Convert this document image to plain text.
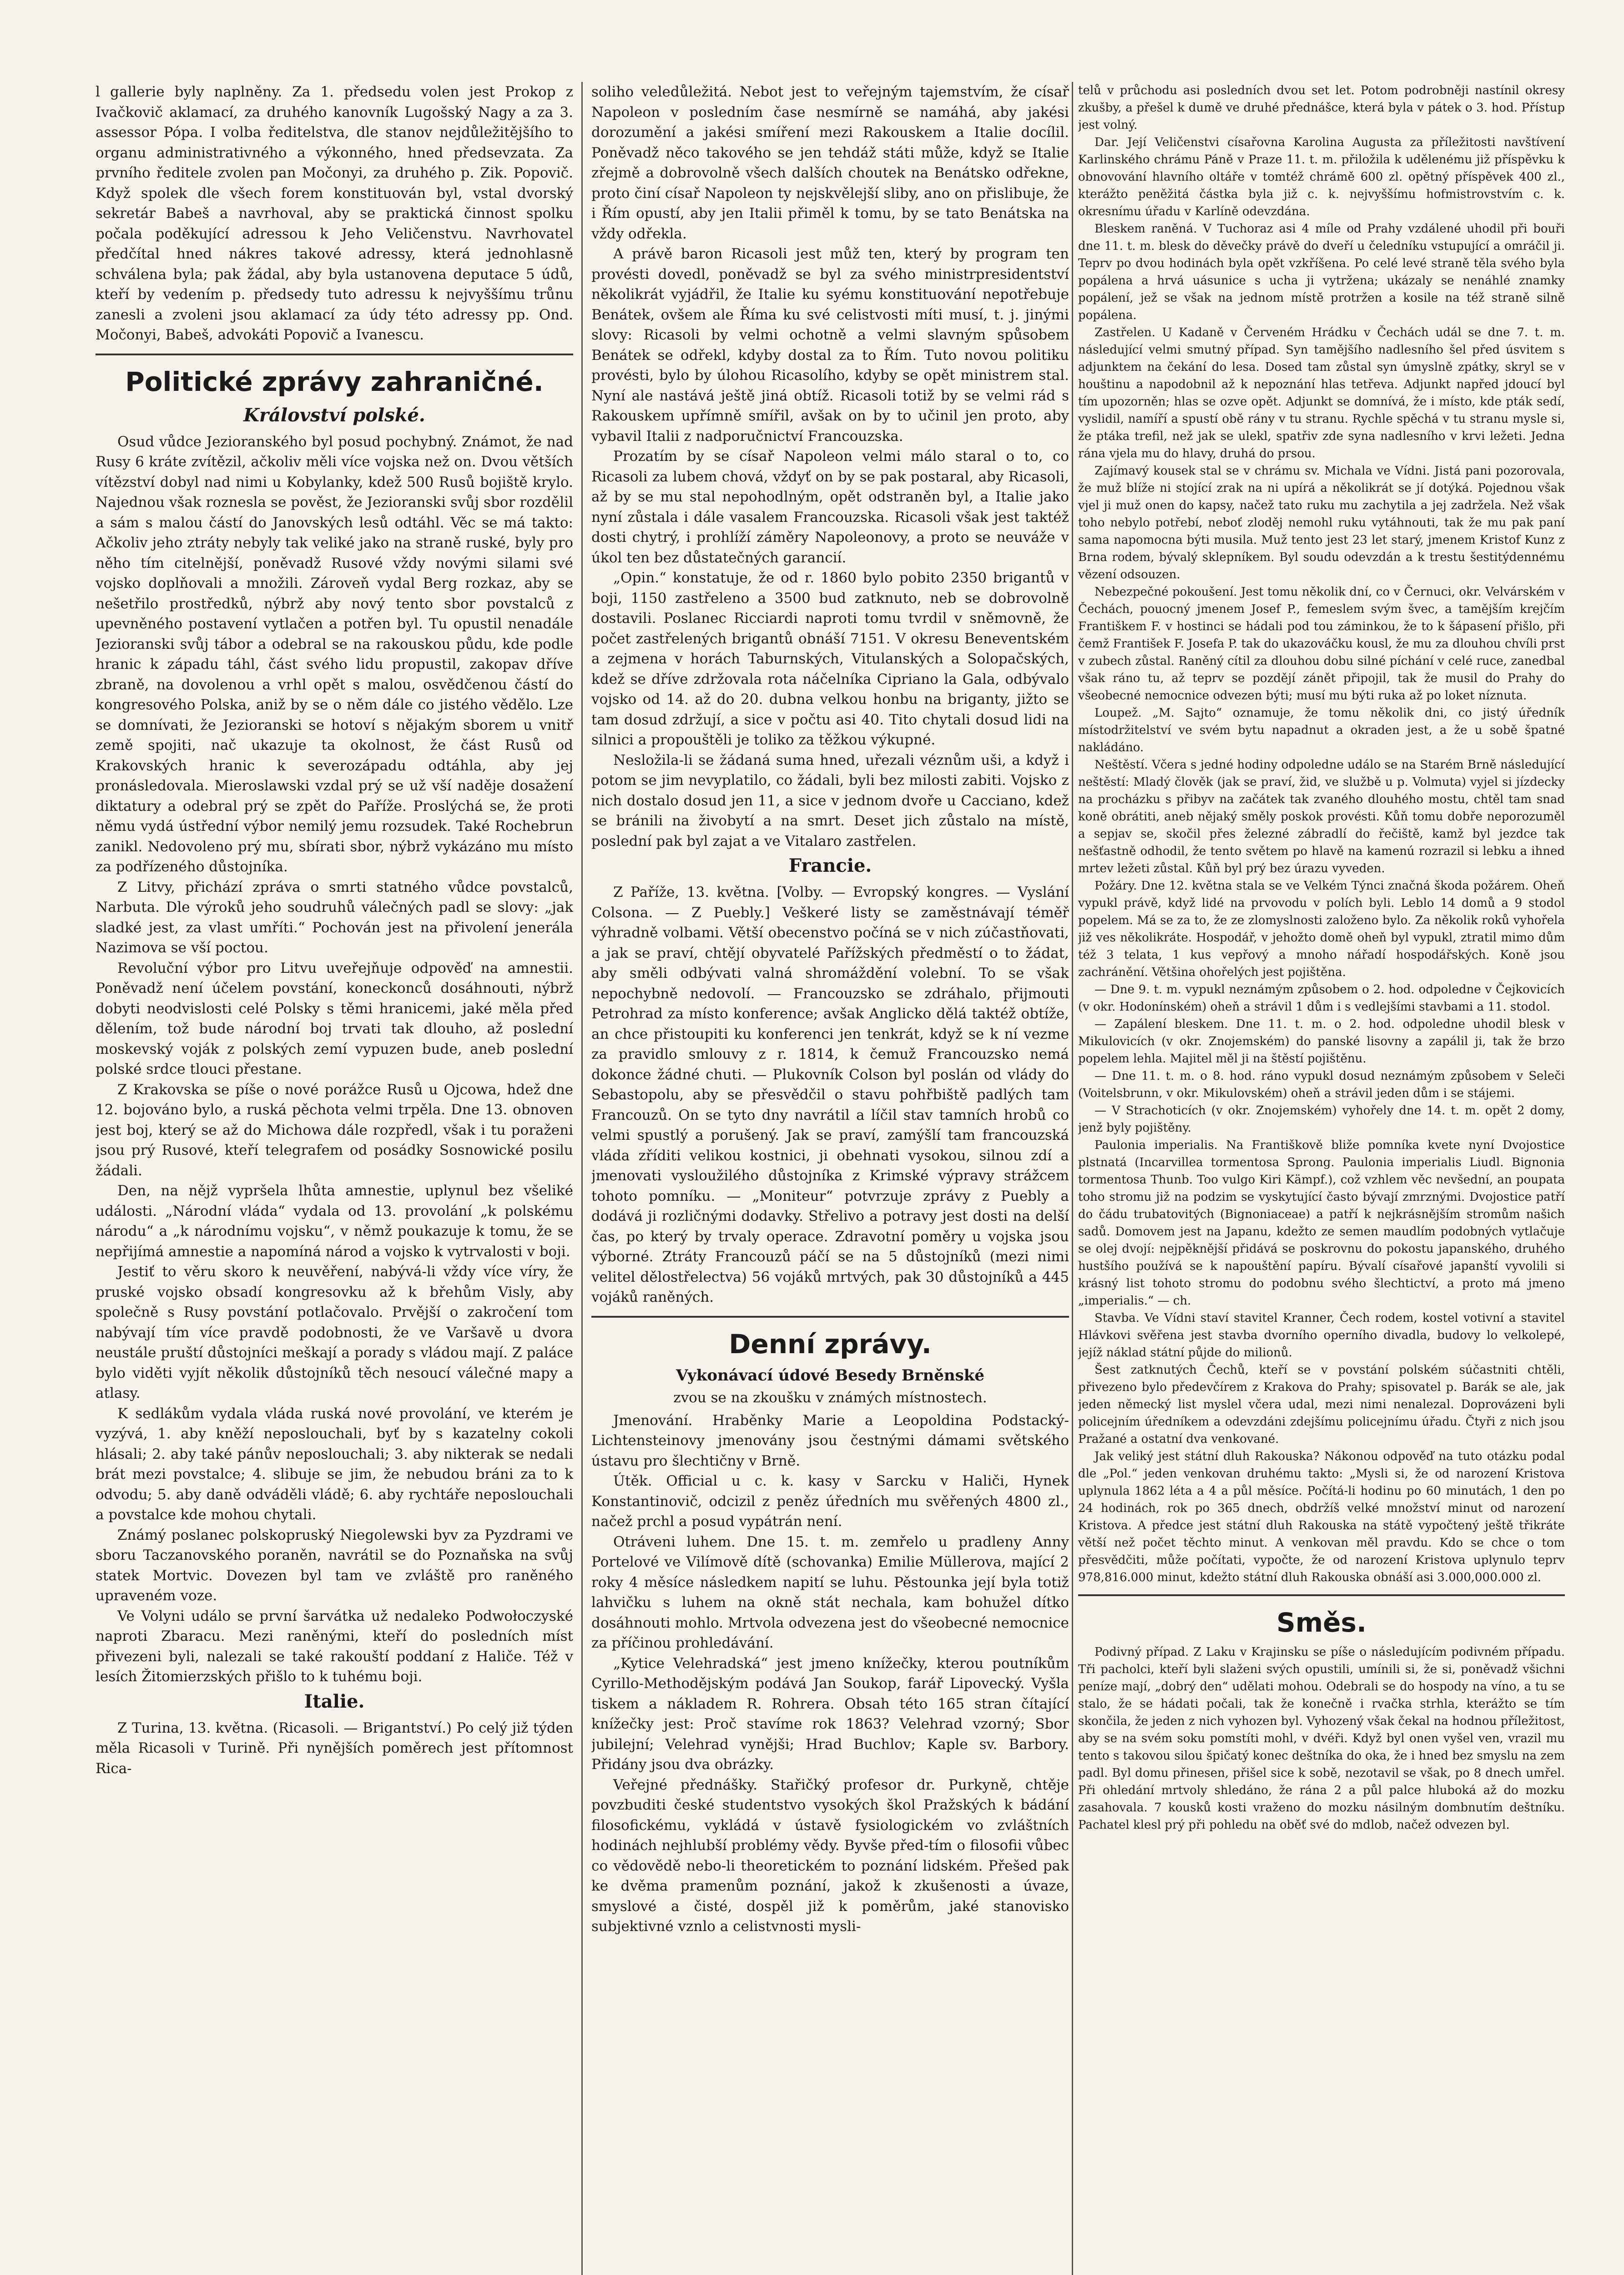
l gallerie byly naplněny. Za 1. předsedu volen jest Prokop z Ivačkovič aklamací, za druhého kanovník Lugošský Nagy a za 3. assessor Pópa. I volba ředitelstva, dle stanov nejdůležitějšího to organu administrativného a výkonného, hned předsevzata. Za prvního ředitele zvolen pan Močonyi, za druhého p. Zik. Popovič. Když spolek dle všech forem konstituován byl, vstal dvorský sekretár Babeš a navrhoval, aby se praktická činnost spolku počala poděkující adressou k Jeho Veličenstvu. Navrhovatel předčítal hned nákres takové adressy, která jednohlasně schválena byla; pak žádal, aby byla ustanovena deputace 5 údů, kteří by vedením p. předsedy tuto adressu k nejvyššímu trůnu zanesli a zvoleni jsou aklamací za údy této adressy pp. Ond. Močonyi, Babeš, advokáti Popovič a Ivanescu.

Politické zprávy zahraničné.
Království polské.

Osud vůdce Jezioranského byl posud pochybný. Známot, že nad Rusy 6 kráte zvítězil, ačkoliv měli více vojska než on. Dvou větších vítězství dobyl nad nimi u Kobylanky, kdež 500 Rusů bojiště krylo. Najednou však roznesla se pověst, že Jezioranski svůj sbor rozdělil a sám s malou částí do Janovských lesů odtáhl. Věc se má takto: Ačkoliv jeho ztráty nebyly tak veliké jako na straně ruské, byly pro něho tím citelnější, poněvadž Rusové vždy novými silami své vojsko doplňovali a množili. Zároveň vydal Berg rozkaz, aby se nešetřilo prostředků, nýbrž aby nový tento sbor povstalců z upevněného postavení vytlačen a potřen byl. Tu opustil nenadále Jezioranski svůj tábor a odebral se na rakouskou půdu, kde podle hranic k západu táhl, část svého lidu propustil, zakopav dříve zbraně, na dovolenou a vrhl opět s malou, osvědčenou částí do kongresového Polska, aniž by se o něm dále co jistého vědělo. Lze se domnívati, že Jezioranski se hotoví s nějakým sborem u vnitř země spojiti, nač ukazuje ta okolnost, že část Rusů od Krakovských hranic k severozápadu odtáhla, aby jej pronásledovala. Mieroslawski vzdal prý se už vší naděje dosažení diktatury a odebral prý se zpět do Paříže. Proslýchá se, že proti němu vydá ústřední výbor nemilý jemu rozsudek. Také Rochebrun zanikl. Nedovoleno prý mu, sbírati sbor, nýbrž vykázáno mu místo za podřízeného důstojníka.

Z Litvy, přichází zpráva o smrti statného vůdce povstalců, Narbuta. Dle výroků jeho soudruhů válečných padl se slovy: „jak sladké jest, za vlast umříti.“ Pochován jest na přivolení jenerála Nazimova se vší poctou.

Revoluční výbor pro Litvu uveřejňuje odpověď na amnestii. Poněvadž není účelem povstání, koneckonců dosáhnouti, nýbrž dobyti neodvislosti celé Polsky s těmi hranicemi, jaké měla před dělením, tož bude národní boj trvati tak dlouho, až poslední moskevský voják z polských zemí vypuzen bude, aneb poslední polské srdce tlouci přestane.

Z Krakovska se píše o nové porážce Rusů u Ojcowa, hdež dne 12. bojováno bylo, a ruská pěchota velmi trpěla. Dne 13. obnoven jest boj, který se až do Michowa dále rozpředl, však i tu poraženi jsou prý Rusové, kteří telegrafem od posádky Sosnowické posilu žádali.

Den, na nějž vypršela lhůta amnestie, uplynul bez všeliké události. „Národní vláda“ vydala od 13. provolání „k polskému národu“ a „k národnímu vojsku“, v němž poukazuje k tomu, že se nepřijímá amnestie a napomíná národ a vojsko k vytrvalosti v boji.

Jestiť to věru skoro k neuvěření, nabývá-li vždy více víry, že pruské vojsko obsadí kongresovku až k břehům Visly, aby společně s Rusy povstání potlačovalo. Prvější o zakročení tom nabývají tím více pravdě podobnosti, že ve Varšavě u dvora neustále pruští důstojníci meškají a porady s vládou mají. Z paláce bylo viděti vyjít několik důstojníků těch nesoucí válečné mapy a atlasy.

K sedlákům vydala vláda ruská nové provolání, ve kterém je vyzývá, 1. aby kněží neposlouchali, byť by s kazatelny cokoli hlásali; 2. aby také pánův neposlouchali; 3. aby nikterak se nedali brát mezi povstalce; 4. slibuje se jim, že nebudou bráni za to k odvodu; 5. aby daně odváděli vládě; 6. aby rychtáře neposlouchali a povstalce kde mohou chytali.

Známý poslanec polskopruský Niegolewski byv za Pyzdrami ve sboru Taczanovského poraněn, navrátil se do Poznaňska na svůj statek Mortvic. Dovezen byl tam ve zvláště pro raněného upraveném voze.

Ve Volyni událo se první šarvátka už nedaleko Podwołoczyské naproti Zbaracu. Mezi raněnými, kteří do posledních míst přivezeni byli, nalezali se také rakouští poddaní z Haliče. Též v lesích Žitomierzských přišlo to k tuhému boji.

Italie.

Z Turina, 13. května. (Ricasoli. — Brigantství.) Po celý již týden měla Ricasoli v Turině. Při nynějších poměrech jest přítomnost Rica-

soliho veledůležitá. Nebot jest to veřejným tajemstvím, že císař Napoleon v posledním čase nesmírně se namáhá, aby jakési dorozumění a jakési smíření mezi Rakouskem a Italie docílil. Poněvadž něco takového se jen tehdáž státi může, když se Italie zřejmě a dobrovolně všech dalších choutek na Benátsko odřekne, proto činí císař Napoleon ty nejskvělejší sliby, ano on přislibuje, že i Řím opustí, aby jen Italii přiměl k tomu, by se tato Benátska na vždy odřekla.

A právě baron Ricasoli jest můž ten, který by program ten provésti dovedl, poněvadž se byl za svého ministrpresidentství několikrát vyjádřil, že Italie ku syému konstituování nepotřebuje Benátek, ovšem ale Říma ku své celistvosti míti musí, t. j. jinými slovy: Ricasoli by velmi ochotně a velmi slavným spůsobem Benátek se odřekl, kdyby dostal za to Řím. Tuto novou politiku provésti, bylo by úlohou Ricasolího, kdyby se opět ministrem stal. Nyní ale nastává ještě jiná obtíž. Ricasoli totiž by se velmi rád s Rakouskem upřímně smířil, avšak on by to učinil jen proto, aby vybavil Italii z nadporučnictví Francouzska.

Prozatím by se císař Napoleon velmi málo staral o to, co Ricasoli za lubem chová, vždyť on by se pak postaral, aby Ricasoli, až by se mu stal nepohodlným, opět odstraněn byl, a Italie jako nyní zůstala i dále vasalem Francouzska. Ricasoli však jest taktéž dosti chytrý, i prohlíží záměry Napoleonovy, a proto se neuváže v úkol ten bez důstatečných garancií.

„Opin.“ konstatuje, že od r. 1860 bylo pobito 2350 brigantů v boji, 1150 zastřeleno a 3500 bud zatknuto, neb se dobrovolně dostavili. Poslanec Ricciardi naproti tomu tvrdil v sněmovně, že počet zastřelených brigantů obnáší 7151. V okresu Beneventském a zejmena v horách Taburnských, Vitulanských a Solopačských, kdež se dříve zdržovala rota náčelníka Cipriano la Gala, odbývalo vojsko od 14. až do 20. dubna velkou honbu na briganty, jižto se tam dosud zdržují, a sice v počtu asi 40. Tito chytali dosud lidi na silnici a propouštěli je toliko za těžkou výkupné.

Nesložila-li se žádaná suma hned, uřezali véznům uši, a když i potom se jim nevyplatilo, co žádali, byli bez milosti zabiti. Vojsko z nich dostalo dosud jen 11, a sice v jednom dvoře u Cacciano, kdež se bránili na živobytí a na smrt. Deset jich zůstalo na místě, poslední pak byl zajat a ve Vitalaro zastřelen.

Francie.

Z Paříže, 13. května. [Volby. — Evropský kongres. — Vyslání Colsona. — Z Puebly.] Veškeré listy se zaměstnávají téměř výhradně volbami. Větší obecenstvo počíná se v nich zúčastňovati, a jak se praví, chtějí obyvatelé Pařížských předměstí o to žádat, aby směli odbývati valná shromáždění volební. To se však nepochybně nedovolí. — Francouzsko se zdráhalo, přijmouti Petrohrad za místo konference; avšak Anglicko dělá taktéž obtíže, an chce přistoupiti ku konferenci jen tenkrát, když se k ní vezme za pravidlo smlouvy z r. 1814, k čemuž Francouzsko nemá dokonce žádné chuti. — Plukovník Colson byl poslán od vlády do Sebastopolu, aby se přesvědčil o stavu pohřbiště padlých tam Francouzů. On se tyto dny navrátil a líčil stav tamních hrobů co velmi spustlý a porušený. Jak se praví, zamýšlí tam francouzská vláda zříditi velikou kostnici, ji obehnati vysokou, silnou zdí a jmenovati vysloužilého důstojníka z Krimské výpravy strážcem tohoto pomníku. — „Moniteur“ potvrzuje zprávy z Puebly a dodává ji rozličnými dodavky. Střelivo a potravy jest dosti na delší čas, po který by trvaly operace. Zdravotní poměry u vojska jsou výborné. Ztráty Francouzů páčí se na 5 důstojníků (mezi nimi velitel dělostřelectva) 56 vojáků mrtvých, pak 30 důstojníků a 445 vojáků raněných.

Denní zprávy.
Vykonávací údové Besedy Brněnské
zvou se na zkoušku v známých místnostech.

Jmenování. Hraběnky Marie a Leopoldina Podstacký-Lichtensteinovy jmenovány jsou čestnými dámami světského ústavu pro šlechtičny v Brně.

Útěk. Official u c. k. kasy v Sarcku v Haliči, Hynek Konstantinovič, odcizil z peněz úředních mu svěřených 4800 zl., načež prchl a posud vypátrán není.

Otráveni luhem. Dne 15. t. m. zemřelo u pradleny Anny Portelové ve Vilímově dítě (schovanka) Emilie Müllerova, mající 2 roky 4 měsíce následkem napití se luhu. Pěstounka její byla totiž lahvičku s luhem na okně stát nechala, kam bohužel dítko dosáhnouti mohlo. Mrtvola odvezena jest do všeobecné nemocnice za příčinou prohledávání.

„Kytice Velehradská“ jest jmeno knížečky, kterou poutníkům Cyrillo-Methodějským podává Jan Soukop, farář Lipovecký. Vyšla tiskem a nákladem R. Rohrera. Obsah této 165 stran čítající knížečky jest: Proč stavíme rok 1863? Velehrad vzorný; Sbor jubilejní; Velehrad vynějši; Hrad Buchlov; Kaple sv. Barbory. Přidány jsou dva obrázky.

Veřejné přednášky. Stařičký profesor dr. Purkyně, chtěje povzbuditi české studentstvo vysokých škol Pražských k bádání filosofickému, vykládá v ústavě fysiologickém vo zvláštních hodinách nejhlubší problémy vědy. Byvše před-tím o filosofii vůbec co vědovědě nebo-li theoretickém to poznání lidském. Přešed pak ke dvěma pramenům poznání, jakož k zkušenosti a úvaze, smyslové a čisté, dospěl již k poměrům, jaké stanovisko subjektivné vznlo a celistvnosti mysli-

telů v průchodu asi posledních dvou set let. Potom podrobněji nastínil okresy zkušby, a přešel k dumě ve druhé přednášce, která byla v pátek o 3. hod. Přístup jest volný.

Dar. Její Veličenstvi císařovna Karolina Augusta za příležitosti navštívení Karlinského chrámu Páně v Praze 11. t. m. přiložila k udělenému již příspěvku k obnovování hlavního oltáře v tomtéž chrámě 600 zl. opětný příspěvek 400 zl., kterážto peněžitá částka byla již c. k. nejvyššímu hofmistrovstvím c. k. okresnímu úřadu v Karlíně odevzdána.

Bleskem raněná. V Tuchoraz asi 4 míle od Prahy vzdálené uhodil při bouři dne 11. t. m. blesk do děvečky právě do dveří u čeledníku vstupující a omráčil ji. Teprv po dvou hodinách byla opět vzkříšena. Po celé levé straně těla svého byla popálena a hrvá uásunice s ucha ji vytržena; ukázaly se nenáhlé znamky popálení, jež se však na jednom místě protržen a kosile na též straně silně popálena.

Zastřelen. U Kadaně v Červeném Hrádku v Čechách udál se dne 7. t. m. následující velmi smutný případ. Syn tamějšího nadlesního šel před úsvitem s adjunktem na čekání do lesa. Dosed tam zůstal syn úmyslně zpátky, skryl se v houštinu a napodobnil až k nepoznání hlas tetřeva. Adjunkt napřed jdoucí byl tím upozorněn; hlas se ozve opět. Adjunkt se domnívá, že i místo, kde pták sedí, vyslidil, namíří a spustí obě rány v tu stranu. Rychle spěchá v tu stranu mysle si, že ptáka trefil, než jak se ulekl, spatřiv zde syna nadlesního v krvi ležeti. Jedna rána vjela mu do hlavy, druhá do prsou.

Zajímavý kousek stal se v chrámu sv. Michala ve Vídni. Jistá pani pozorovala, že muž blíže ni stojící zrak na ni upírá a několikrát se jí dotýká. Pojednou však vjel ji muž onen do kapsy, načež tato ruku mu zachytila a jej zadržela. Než však toho nebylo potřebí, neboť zloděj nemohl ruku vytáhnouti, tak že mu pak paní sama napomocna býti musila. Muž tento jest 23 let starý, jmenem Kristof Kunz z Brna rodem, bývalý sklepníkem. Byl soudu odevzdán a k trestu šestitýdennému vězení odsouzen.

Nebezpečné pokoušení. Jest tomu několik dní, co v Černuci, okr. Velvárském v Čechách, pouocný jmenem Josef P., femeslem svým švec, a tamějším krejčím Františkem F. v hostinci se hádali pod tou záminkou, že to k šápasení přišlo, při čemž František F. Josefa P. tak do ukazováčku kousl, že mu za dlouhou chvíli prst v zubech zůstal. Raněný cítil za dlouhou dobu silné píchání v celé ruce, zanedbal však ráno tu, až teprv se pozdějí zánět připojil, tak že musil do Prahy do všeobecné nemocnice odvezen býti; musí mu býti ruka až po loket níznuta.

Loupež. „M. Sajto“ oznamuje, že tomu několik dni, co jistý úředník místodržitelství ve svém bytu napadnut a okraden jest, a že u sobě špatné nakládáno.

Neštěstí. Včera s jedné hodiny odpoledne událo se na Starém Brně následující neštěstí: Mladý člověk (jak se praví, žid, ve službě u p. Volmuta) vyjel si jízdecky na procházku s přibyv na začátek tak zvaného dlouhého mostu, chtěl tam snad koně obrátiti, aneb nějaký směly poskok provésti. Kůň tomu dobře neporozuměl a sepjav se, skočil přes železné zábradlí do řečiště, kamž byl jezdce tak nešťastně odhodil, že tento světem po hlavě na kamenú rozrazil si lebku a ihned mrtev ležeti zůstal. Kůň byl prý bez úrazu vyveden.

Požáry. Dne 12. května stala se ve Velkém Týnci značná škoda požárem. Oheň vypukl právě, když lidé na prvovodu v polích byli. Leblo 14 domů a 9 stodol popelem. Má se za to, že ze zlomyslnosti založeno bylo. Za několik roků vyhořela již ves několikráte. Hospodář, v jehožto domě oheň byl vypukl, ztratil mimo dům též 3 telata, 1 kus vepřový a mnoho nářadí hospodářských. Koně jsou zachránění. Většina ohořelých jest pojištěna.

— Dne 9. t. m. vypukl neznámým způsobem o 2. hod. odpoledne v Čejkovicích (v okr. Hodonínském) oheň a strávil 1 dům i s vedlejšími stavbami a 11. stodol.

— Zapálení bleskem. Dne 11. t. m. o 2. hod. odpoledne uhodil blesk v Mikulovicích (v okr. Znojemském) do panské lisovny a zapálil ji, tak že brzo popelem lehla. Majitel měl ji na štěstí pojištěnu.

— Dne 11. t. m. o 8. hod. ráno vypukl dosud neznámým způsobem v Seleči (Voitelsbrunn, v okr. Mikulovském) oheň a strávil jeden dům i se stájemi.

— V Strachoticích (v okr. Znojemském) vyhořely dne 14. t. m. opět 2 domy, jenž byly pojištěny.

Paulonia imperialis. Na Františkově bliže pomníka kvete nyní Dvojostice plstnatá (Incarvillea tormentosa Sprong. Paulonia imperialis Liudl. Bignonia tormentosa Thunb. Too vulgo Kiri Kämpf.), což vzhlem věc nevšední, an poupata toho stromu již na podzim se vyskytující často bývají zmrznými. Dvojostice patří do čádu trubatovitých (Bignoniaceae) a patří k nejkrásnějším stromům našich sadů. Domovem jest na Japanu, kdežto ze semen maudlím podobných vytlačuje se olej dvojí: nejpěknější přidává se poskrovnu do pokostu japanského, druhého hustšího používá se k napouštění papíru. Bývalí císařové japanští vyvolili si krásný list tohoto stromu do podobnu svého šlechtictví, a proto má jmeno „imperialis.“ — ch.

Stavba. Ve Vídni staví stavitel Kranner, Čech rodem, kostel votivní a stavitel Hlávkovi svěřena jest stavba dvorního operního divadla, budovy lo velkolepé, jejíž náklad státní půjde do milionů.

Šest zatknutých Čechů, kteří se v povstání polském súčastniti chtěli, přivezeno bylo předevčírem z Krakova do Prahy; spisovatel p. Barák se ale, jak jeden německý list myslel včera udal, mezi nimi nenalezal. Doprovázeni byli policejním úředníkem a odevzdáni zdejšímu policejnímu úřadu. Čtyři z nich jsou Pražané a ostatní dva venkované.

Jak veliký jest státní dluh Rakouska? Nákonou odpověď na tuto otázku podal dle „Pol.“ jeden venkovan druhému takto: „Mysli si, že od narození Kristova uplynula 1862 léta a 4 a půl měsíce. Počítá-li hodinu po 60 minutách, 1 den po 24 hodinách, rok po 365 dnech, obdržíš velké množství minut od narození Kristova. A předce jest státní dluh Rakouska na státě vypočtený ještě třikráte větší než počet těchto minut. A venkovan měl pravdu. Kdo se chce o tom přesvědčiti, může počítati, vypočte, že od narození Kristova uplynulo teprv 978,816.000 minut, kdežto státní dluh Rakouska obnáší asi 3.000,000.000 zl.

Směs.

Podivný případ. Z Laku v Krajinsku se píše o následujícím podivném případu. Tři pacholci, kteří byli slaženi svých opustili, umínili si, že si, poněvadž všichni peníze mají, „dobrý den“ udělati mohou. Odebrali se do hospody na víno, a tu se stalo, že se hádati počali, tak že konečně i rvačka strhla, kterážto se tím skončila, že jeden z nich vyhozen byl. Vyhozený však čekal na hodnou příležitost, aby se na svém soku pomstíti mohl, v dvéři. Když byl onen vyšel ven, vrazil mu tento s takovou silou špičatý konec deštníka do oka, že i hned bez smyslu na zem padl. Byl domu přinesen, přišel sice k sobě, nezotavil se však, po 8 dnech umřel. Při ohledání mrtvoly shledáno, že rána 2 a půl palce hluboká až do mozku zasahovala. 7 kousků kosti vraženo do mozku násilným dombnutím deštníku. Pachatel klesl prý při pohledu na oběť své do mdlob, načež odvezen byl.
